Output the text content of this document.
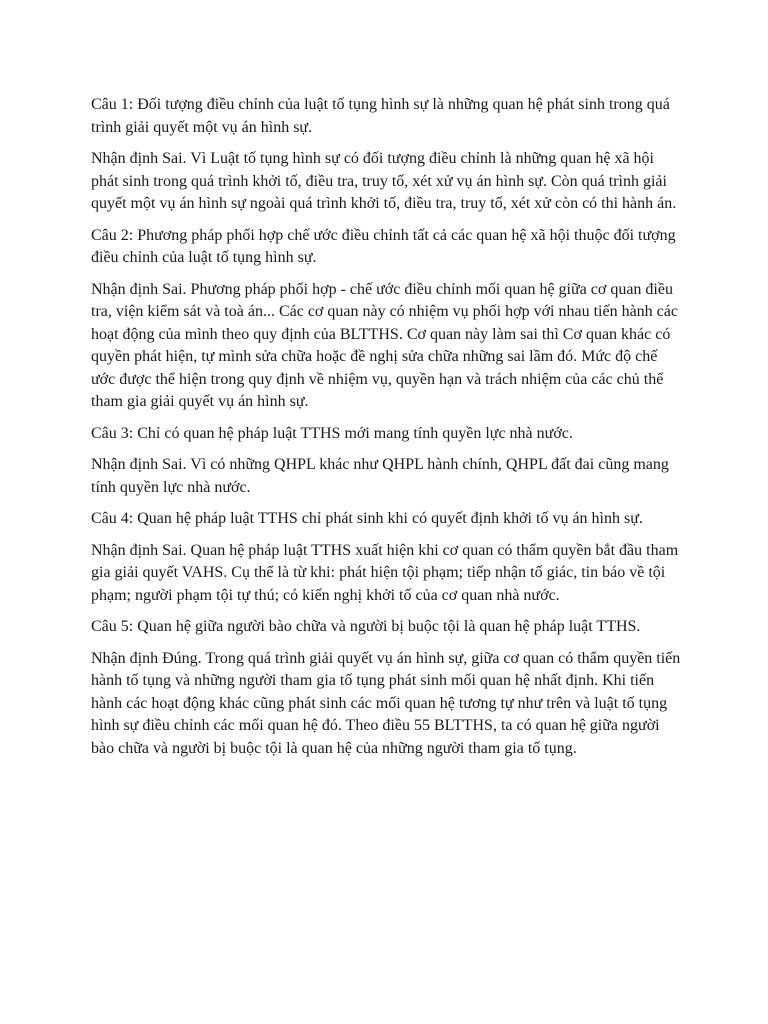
Câu 1: Đối tượng điều chỉnh của luật tố tụng hình sự là những quan hệ phát sinh trong quá trình giải quyết một vụ án hình sự.

Nhận định Sai. Vì Luật tố tụng hình sự có đối tượng điều chỉnh là những quan hệ xã hội phát sinh trong quá trình khởi tố, điều tra, truy tố, xét xử vụ án hình sự. Còn quá trình giải quyết một vụ án hình sự ngoài quá trình khởi tố, điều tra, truy tố, xét xử còn có thi hành án.

Câu 2: Phương pháp phối hợp chế ước điều chỉnh tất cả các quan hệ xã hội thuộc đối tượng điều chỉnh của luật tố tụng hình sự.

Nhận định Sai. Phương pháp phối hợp - chế ước điều chỉnh mối quan hệ giữa cơ quan điều tra, viện kiểm sát và toà án... Các cơ quan này có nhiệm vụ phối hợp với nhau tiến hành các hoạt động của mình theo quy định của BLTTHS. Cơ quan này làm sai thì Cơ quan khác có quyền phát hiện, tự mình sửa chữa hoặc đề nghị sửa chữa những sai lầm đó. Mức độ chế ước được thể hiện trong quy định về nhiệm vụ, quyền hạn và trách nhiệm của các chủ thể tham gia giải quyết vụ án hình sự.

Câu 3: Chỉ có quan hệ pháp luật TTHS mới mang tính quyền lực nhà nước.

Nhận định Sai. Vì có những QHPL khác như QHPL hành chính, QHPL đất đai cũng mang tính quyền lực nhà nước.

Câu 4: Quan hệ pháp luật TTHS chỉ phát sinh khi có quyết định khởi tố vụ án hình sự.

Nhận định Sai. Quan hệ pháp luật TTHS xuất hiện khi cơ quan có thẩm quyền bắt đầu tham gia giải quyết VAHS. Cụ thể là từ khi: phát hiện tội phạm; tiếp nhận tố giác, tin báo về tội phạm; người phạm tội tự thú; có kiến nghị khởi tố của cơ quan nhà nước.

Câu 5: Quan hệ giữa người bào chữa và người bị buộc tội là quan hệ pháp luật TTHS.

Nhận định Đúng. Trong quá trình giải quyết vụ án hình sự, giữa cơ quan có thẩm quyền tiến hành tố tụng và những người tham gia tố tụng phát sinh mối quan hệ nhất định. Khi tiến hành các hoạt động khác cũng phát sinh các mối quan hệ tương tự như trên và luật tố tụng hình sự điều chỉnh các mối quan hệ đó. Theo điều 55 BLTTHS, ta có quan hệ giữa người bào chữa và người bị buộc tội là quan hệ của những người tham gia tố tụng.
